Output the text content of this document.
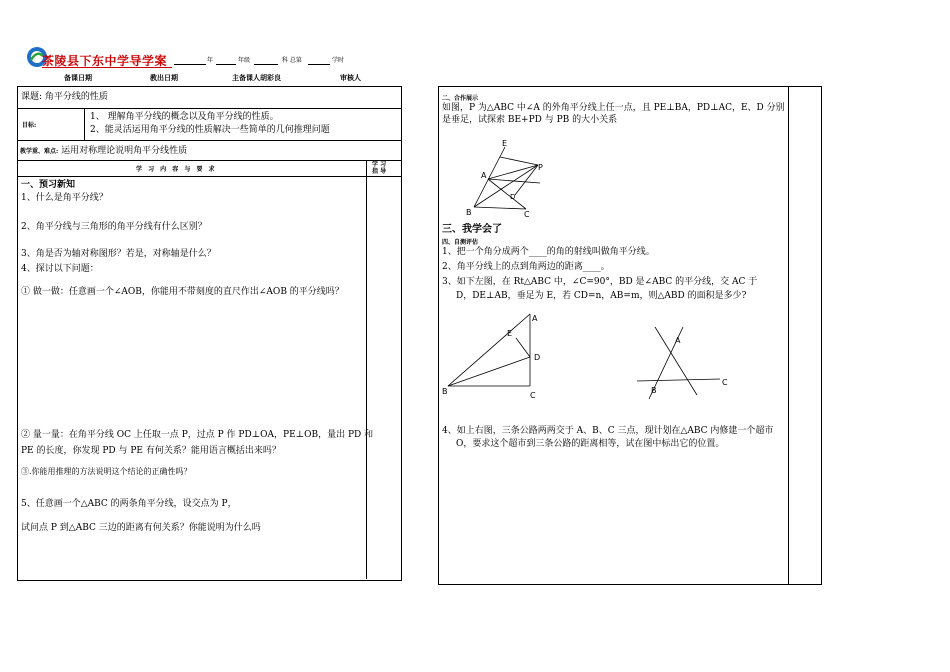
茶陵县下东中学导学案	年	年级	科 总第	学时
备课日期	教出日期	主备课人胡彩良	审核人
课题: 角平分线的性质
目标:
1、 理解角平分线的概念以及角平分线的性质。
2、能灵活运用角平分线的性质解决一些简单的几何推理问题
教学重、难点: 运用对称理论说明角平分线性质
学 习 内 容 与 要 求
学 习
指 导
一、预习新知
1、什么是角平分线？
2、角平分线与三角形的角平分线有什么区别？
3、角是否为轴对称图形？若是，对称轴是什么？
4、探讨以下问题：
① 做一做：任意画一个∠AOB，你能用不带刻度的直尺作出∠AOB 的平分线吗？
② 量一量：在角平分线 OC 上任取一点 P，过点 P 作 PD⊥OA，PE⊥OB，量出 PD 和
PE 的长度，你发现 PD 与 PE 有何关系？能用语言概括出来吗？
③.你能用推理的方法说明这个结论的正确性吗？
5、任意画一个△ABC 的两条角平分线，设交点为 P，
试问点 P 到△ABC 三边的距离有何关系？你能说明为什么吗
二、合作展示
如图，P 为△ABC 中∠A 的外角平分线上任一点，且 PE⊥BA，PD⊥AC，E、D 分别
是垂足，试探索 BE+PD 与 PB 的大小关系
E
A
P
D
B	C
三、我学会了
四、自测评估
1、把一个角分成两个____的角的射线叫做角平分线。
2、角平分线上的点到角两边的距离____。
3、如下左图，在 Rt△ABC 中，∠C=90°，BD 是∠ABC 的平分线，交 AC 于
D，DE⊥AB，垂足为 E，若 CD=n，AB=m，则△ABD 的面积是多少?
E
A
D
B	C
A
B
C
4、如上右图，三条公路两两交于 A、B、C 三点，现计划在△ABC 内修建一个超市
O，要求这个超市到三条公路的距离相等，试在图中标出它的位置。
